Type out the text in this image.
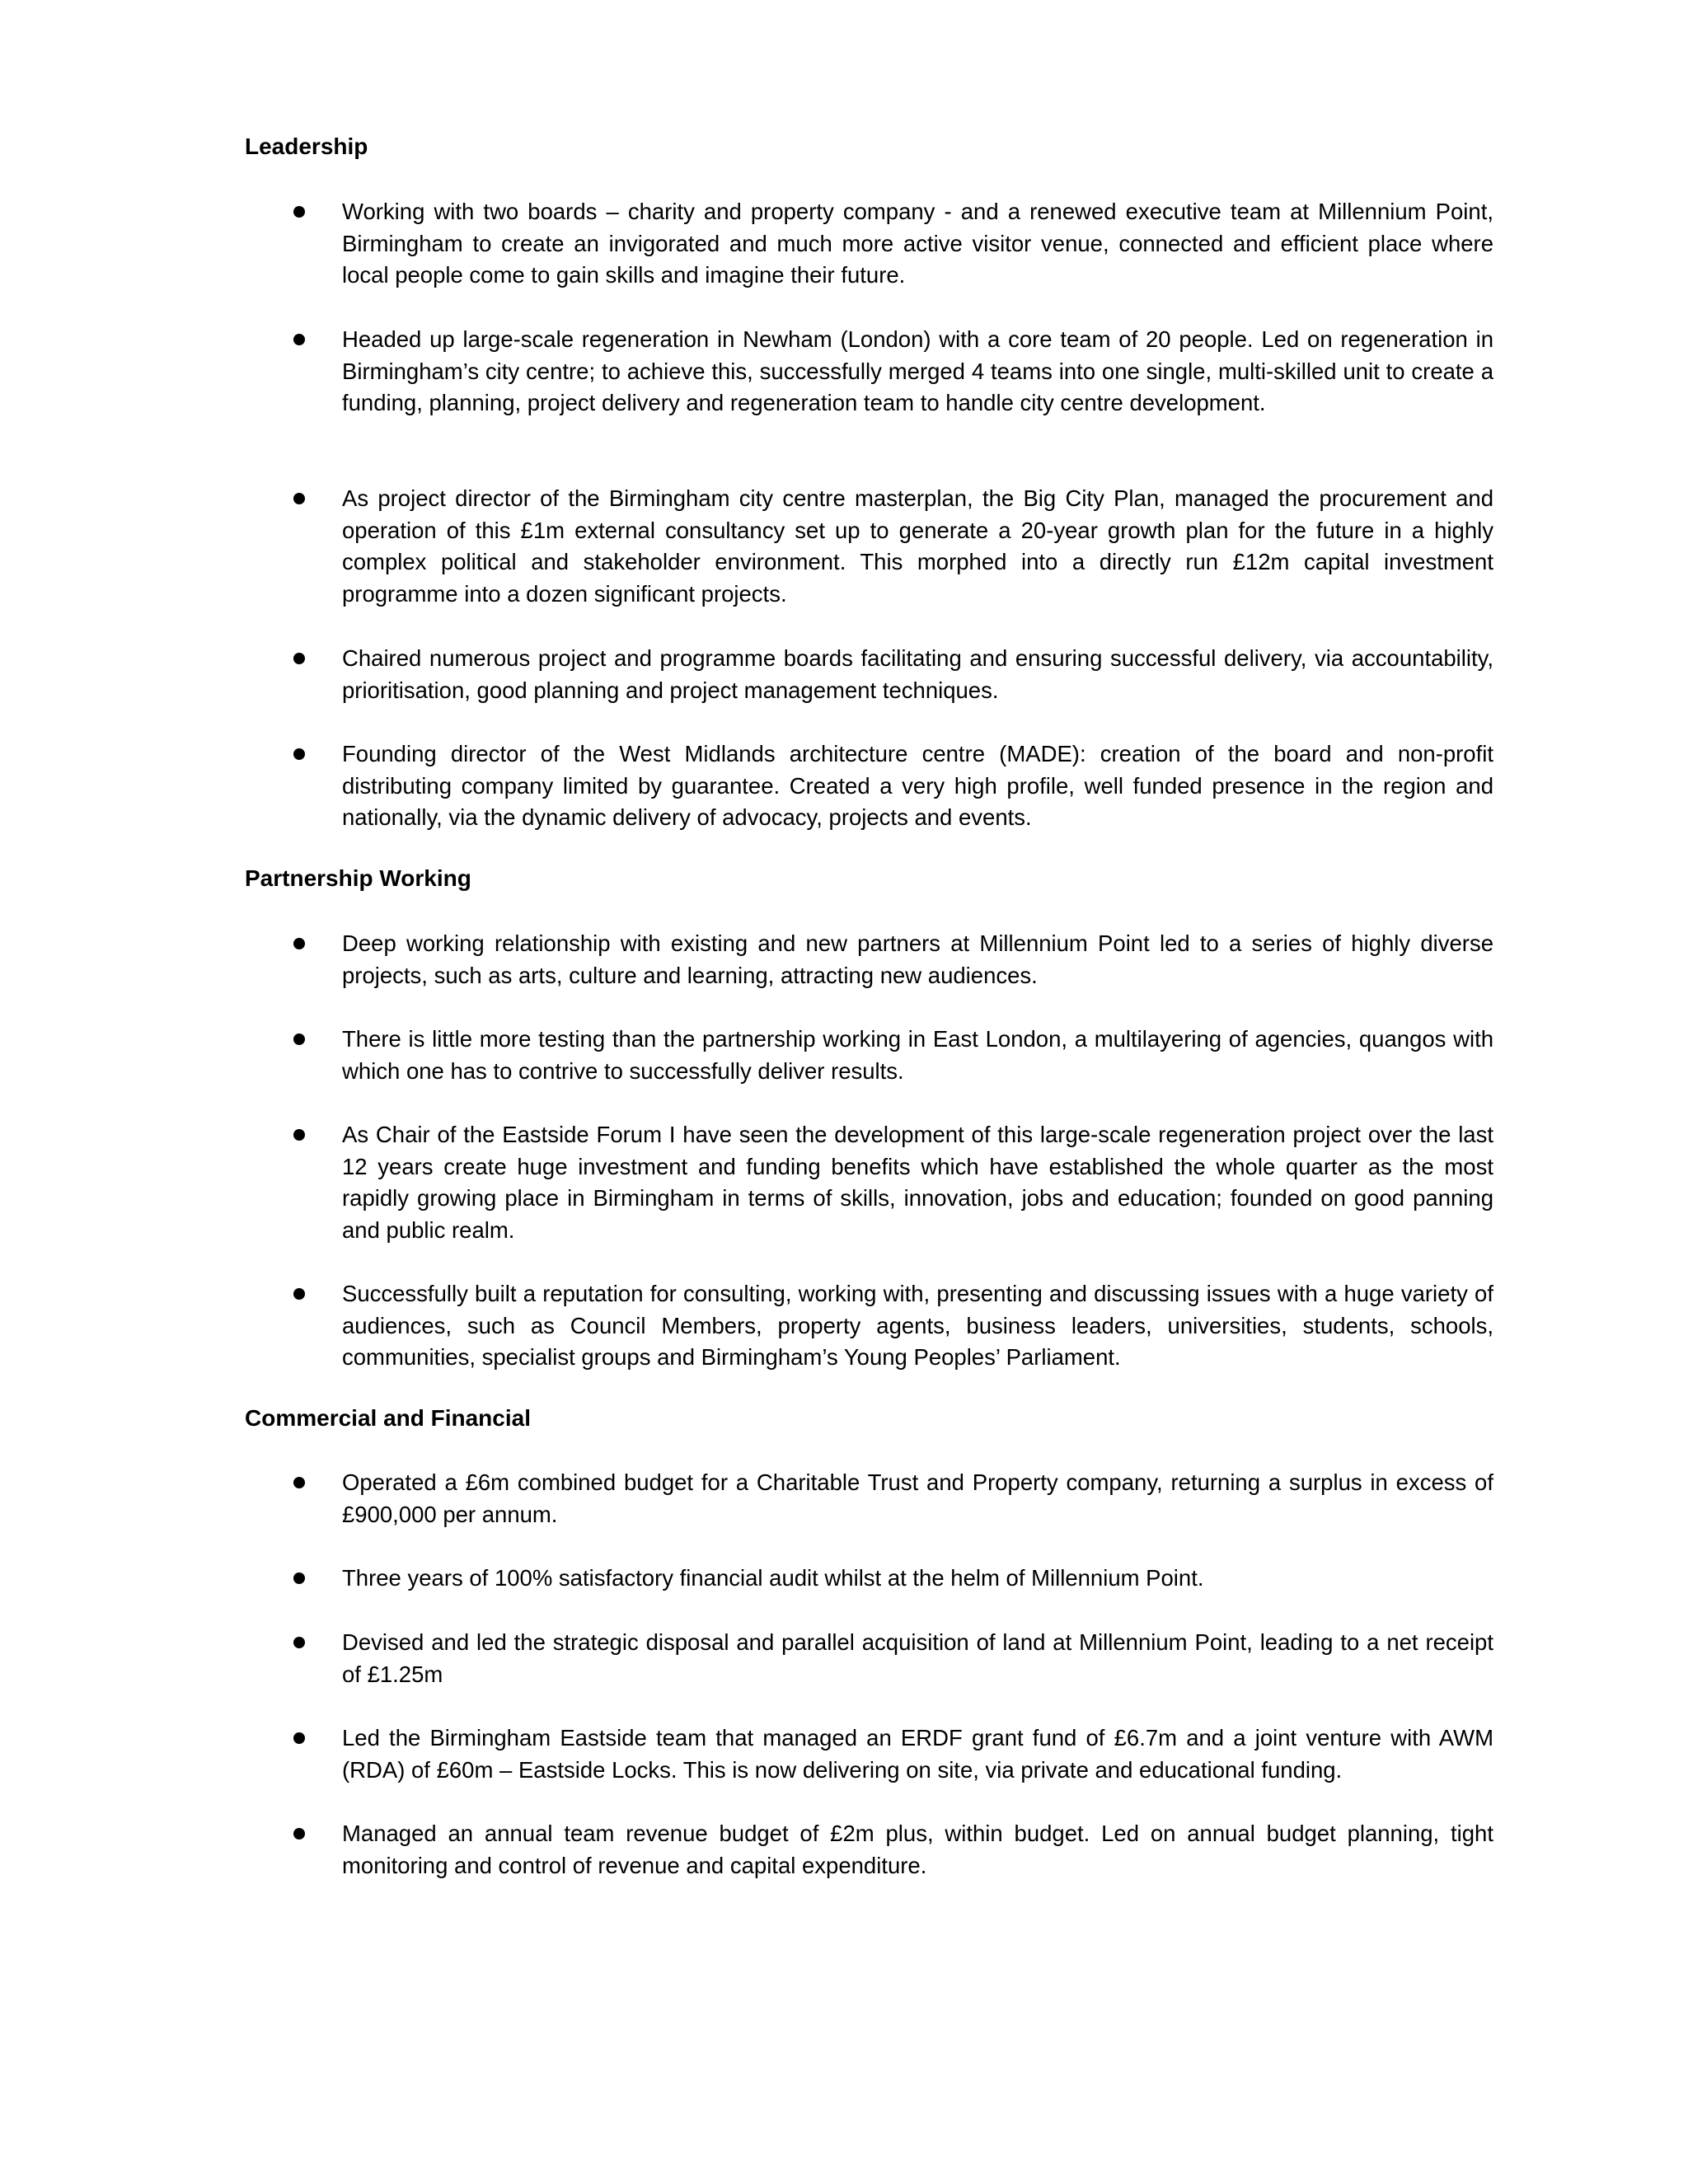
Leadership

Working with two boards – charity and property company - and a renewed executive team at Millennium Point, Birmingham to create an invigorated and much more active visitor venue, connected and efficient place where local people come to gain skills and imagine their future.

Headed up large-scale regeneration in Newham (London) with a core team of 20 people. Led on regeneration in Birmingham’s city centre; to achieve this, successfully merged 4 teams into one single, multi-skilled unit to create a funding, planning, project delivery and regeneration team to handle city centre development.

As project director of the Birmingham city centre masterplan, the Big City Plan, managed the procurement and operation of this £1m external consultancy set up to generate a 20-year growth plan for the future in a highly complex political and stakeholder environment. This morphed into a directly run £12m capital investment programme into a dozen significant projects.

Chaired numerous project and programme boards facilitating and ensuring successful delivery, via accountability, prioritisation, good planning and project management techniques.

Founding director of the West Midlands architecture centre (MADE): creation of the board and non-profit distributing company limited by guarantee. Created a very high profile, well funded presence in the region and nationally, via the dynamic delivery of advocacy, projects and events.

Partnership Working

Deep working relationship with existing and new partners at Millennium Point led to a series of highly diverse projects, such as arts, culture and learning, attracting new audiences.

There is little more testing than the partnership working in East London, a multilayering of agencies, quangos with which one has to contrive to successfully deliver results.

As Chair of the Eastside Forum I have seen the development of this large-scale regeneration project over the last 12 years create huge investment and funding benefits which have established the whole quarter as the most rapidly growing place in Birmingham in terms of skills, innovation, jobs and education; founded on good panning and public realm.

Successfully built a reputation for consulting, working with, presenting and discussing issues with a huge variety of audiences, such as Council Members, property agents, business leaders, universities, students, schools, communities, specialist groups and Birmingham’s Young Peoples’ Parliament.

Commercial and Financial

Operated a £6m combined budget for a Charitable Trust and Property company, returning a surplus in excess of £900,000 per annum.

Three years of 100% satisfactory financial audit whilst at the helm of Millennium Point.

Devised and led the strategic disposal and parallel acquisition of land at Millennium Point, leading to a net receipt of £1.25m

Led the Birmingham Eastside team that managed an ERDF grant fund of £6.7m and a joint venture with AWM (RDA) of £60m – Eastside Locks. This is now delivering on site, via private and educational funding.

Managed an annual team revenue budget of £2m plus, within budget. Led on annual budget planning, tight monitoring and control of revenue and capital expenditure.
